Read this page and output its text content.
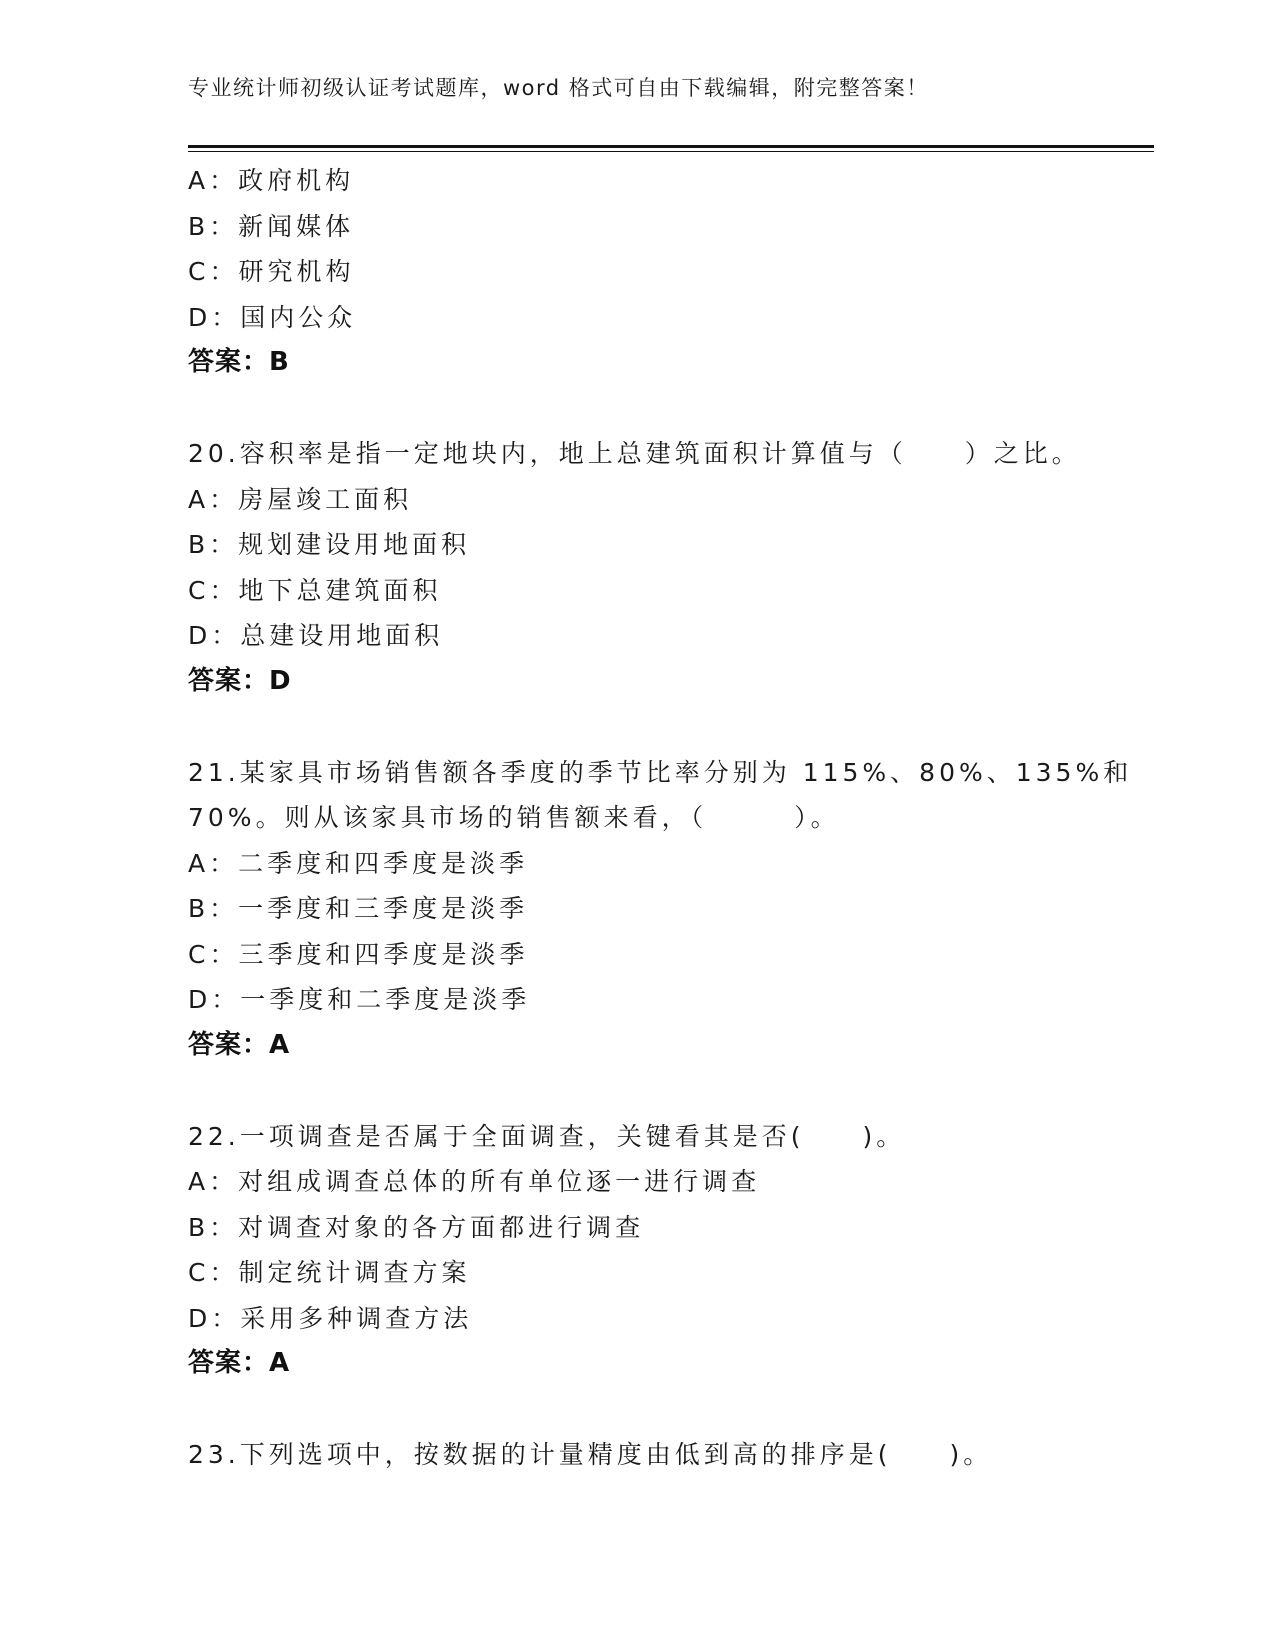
专业统计师初级认证考试题库，word 格式可自由下载编辑，附完整答案！
A：政府机构
B：新闻媒体
C：研究机构
D：国内公众
答案：B
20.容积率是指一定地块内，地上总建筑面积计算值与（　　）之比。
A：房屋竣工面积
B：规划建设用地面积
C：地下总建筑面积
D：总建设用地面积
答案：D
21.某家具市场销售额各季度的季节比率分别为 115%、80%、135%和
70%。则从该家具市场的销售额来看，（　　　）。
A：二季度和四季度是淡季
B：一季度和三季度是淡季
C：三季度和四季度是淡季
D：一季度和二季度是淡季
答案：A
22.一项调查是否属于全面调查，关键看其是否(　　)。
A：对组成调查总体的所有单位逐一进行调查
B：对调查对象的各方面都进行调查
C：制定统计调查方案
D：采用多种调查方法
答案：A
23.下列选项中，按数据的计量精度由低到高的排序是(　　)。
